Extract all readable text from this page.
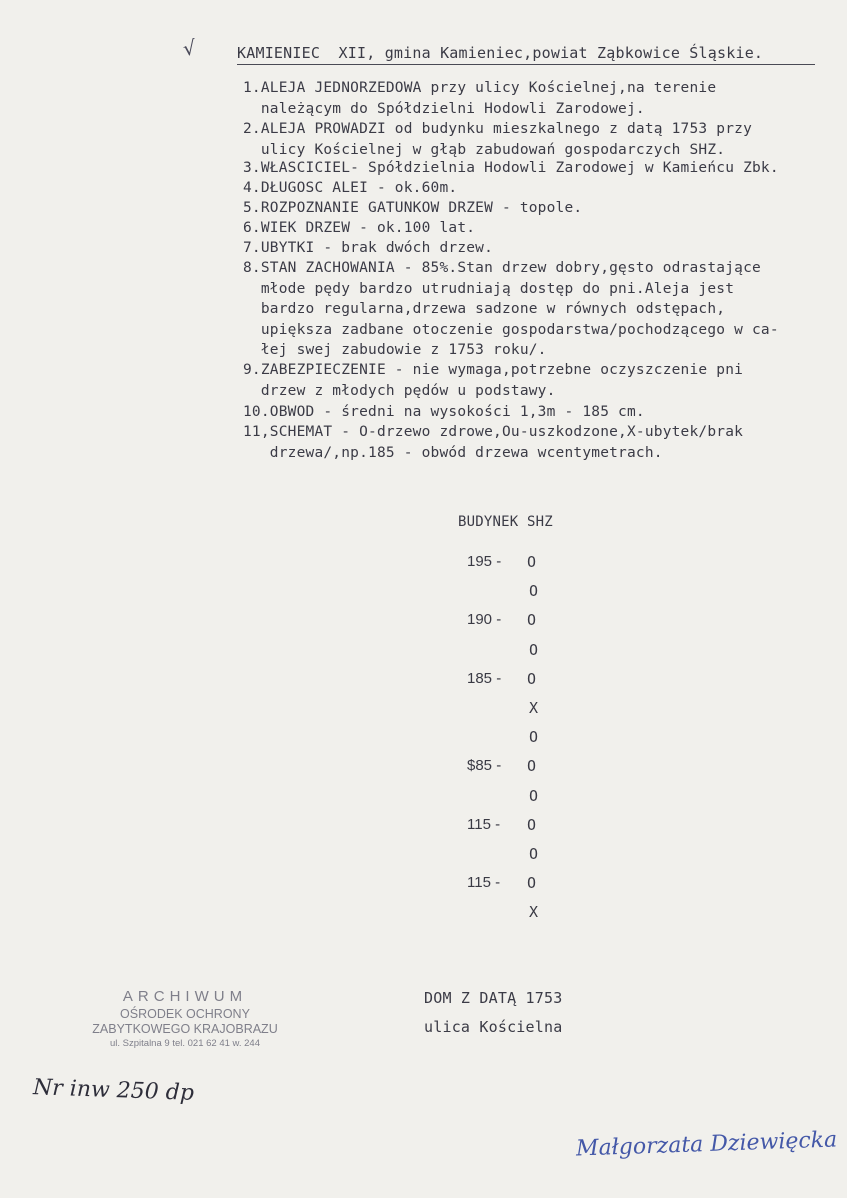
√	KAMIENIEC  XII, gmina Kamieniec,powiat Ząbkowice Śląskie.
1.ALEJA JEDNORZEDOWA przy ulicy Kościelnej,na terenie
należącym do Spółdzielni Hodowli Zarodowej.
2.ALEJA PROWADZI od budynku mieszkalnego z datą 1753 przy
ulicy Kościelnej w głąb zabudowań gospodarczych SHZ.
3.WŁASCICIEL- Spółdzielnia Hodowli Zarodowej w Kamieńcu Zbk.
4.DŁUGOSC ALEI - ok.60m.
5.ROZPOZNANIE GATUNKOW DRZEW - topole.
6.WIEK DRZEW - ok.100 lat.
7.UBYTKI - brak dwóch drzew.
8.STAN ZACHOWANIA - 85%.Stan drzew dobry,gęsto odrastające
młode pędy bardzo utrudniają dostęp do pni.Aleja jest
bardzo regularna,drzewa sadzone w równych odstępach,
upiększa zadbane otoczenie gospodarstwa/pochodzącego w ca-
łej swej zabudowie z 1753 roku/.
9.ZABEZPIECZENIE - nie wymaga,potrzebne oczyszczenie pni
drzew z młodych pędów u podstawy.
10.OBWOD - średni na wysokości 1,3m - 185 cm.
11,SCHEMAT - O-drzewo zdrowe,Ou-uszkodzone,X-ubytek/brak
drzewa/,np.185 - obwód drzewa wcentymetrach.
BUDYNEK SHZ
195 - O
O
190 - O
O
185 - O
X
O
$85 - O
O
115 - O
O
115 - O
X
DOM Z DATĄ 1753
ulica Kościelna
ARCHIWUM
OŚRODEK OCHRONY
ZABYTKOWEGO KRAJOBRAZU
ul. Szpitalna 9 tel. 021 62 41 w. 244
Nr inw 250 dp
Małgorzata Dziewięcka
